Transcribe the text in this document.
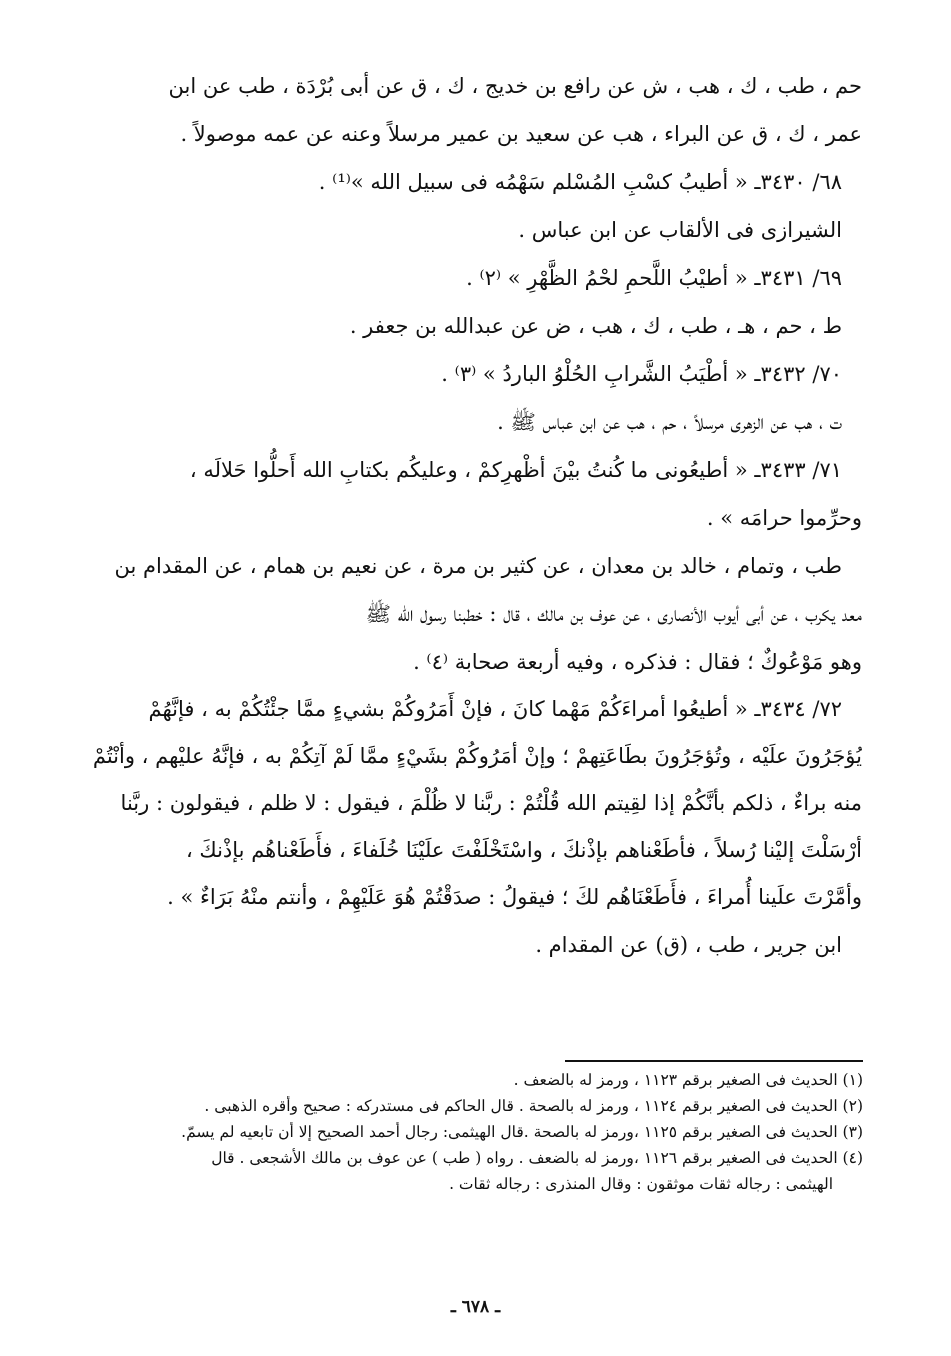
حم ، طب ، ك ، هب ، ش عن رافع بن خديج ، ك ، ق عن أبى بُرْدَة ، طب عن ابن
عمر ، ك ، ق عن البراء ، هب عن سعيد بن عمير مرسلاً وعنه عن عمه موصولاً .
٦٨/ ٣٤٣٠ـ « أطيبُ كسْبِ المُسْلم سَهْمُه فى سبيل الله »⁽¹⁾ .
الشيرازى فى الألقاب عن ابن عباس .
٦٩/ ٣٤٣١ـ « أطيْبُ اللَّحمِ لحْمُ الظَّهْرِ » ⁽٢⁾ .
ط ، حم ، هـ ، طب ، ك ، هب ، ض عن عبدالله بن جعفر .
٧٠/ ٣٤٣٢ـ « أطْيَبُ الشَّرابِ الحُلْوُ الباردُ » ⁽٣⁾ .
ت ، هب عن الزهرى مرسلاً ، حم ، هب عن ابن عباس ﷺ .
٧١/ ٣٤٣٣ـ « أطيعُونى ما كُنتُ بيْنَ أظْهرِكمْ ، وعليكُم بكتابِ الله أَحلُّوا حَلالَه ،
وحرِّموا حرامَه » .
طب ، وتمام ، خالد بن معدان ، عن كثير بن مرة ، عن نعيم بن همام ، عن المقدام بن
معد يكرب ، عن أبى أيوب الأنصارى ، عن عوف بن مالك ، قال : خطبنا رسول الله ﷺ
وهو مَوْعُوكٌ ؛ فقال : فذكره ، وفيه أربعة صحابة ⁽٤⁾ .
٧٢/ ٣٤٣٤ـ « أطيعُوا أمراءَكُمْ مَهْما كانَ ، فإنْ أَمَرُوكُمْ بشيءٍ ممَّا جئْتُكُمْ به ، فإنَّهُمْ
يُؤجَرُونَ علَيْه ، وتُؤجَرُونَ بطَاعَتِهمْ ؛ وإنْ أمَرُوكُمْ بشَيْءٍ ممَّا لَمْ آتِكُمْ به ، فإنَّهُ عليْهم ، وأنْتُمْ
منه براءٌ ، ذلكم بأنَّكُمْ إذا لقِيتم الله قُلْتُمْ : ربَّنا لا ظُلْمَ ، فيقول : لا ظلم ، فيقولون : ربَّنا
أرْسَلْتَ إليْنا رُسلاً ، فأطَعْناهم بإذْنكَ ، واسْتَخْلَفْتَ علَيْنَا خُلَفاءَ ، فأَطَعْناهُم بإذْنكَ ،
وأمَّرْتَ علَينا أُمراءَ ، فأَطَعْنَاهُم لكَ ؛ فيقولُ : صدَقْتُمْ هُوَ عَلَيْهِمْ ، وأنتم منْهُ بَرَاءٌ » .
ابن جرير ، طب ، (ق) عن المقدام .
(١) الحديث فى الصغير برقم ١١٢٣ ، ورمز له بالضعف .
(٢) الحديث فى الصغير برقم ١١٢٤ ، ورمز له بالصحة . قال الحاكم فى مستدركه : صحيح وأقره الذهبى .
(٣) الحديث فى الصغير برقم ١١٢٥ ،ورمز له بالصحة .قال الهيثمى: رجال أحمد الصحيح إلا أن تابعيه لم يسمّ.
(٤) الحديث فى الصغير برقم ١١٢٦ ،ورمز له بالضعف . رواه ( طب ) عن عوف بن مالك الأشجعى . قال
الهيثمى : رجاله ثقات موثقون : وقال المنذرى : رجاله ثقات .
ـ ٦٧٨ ـ
